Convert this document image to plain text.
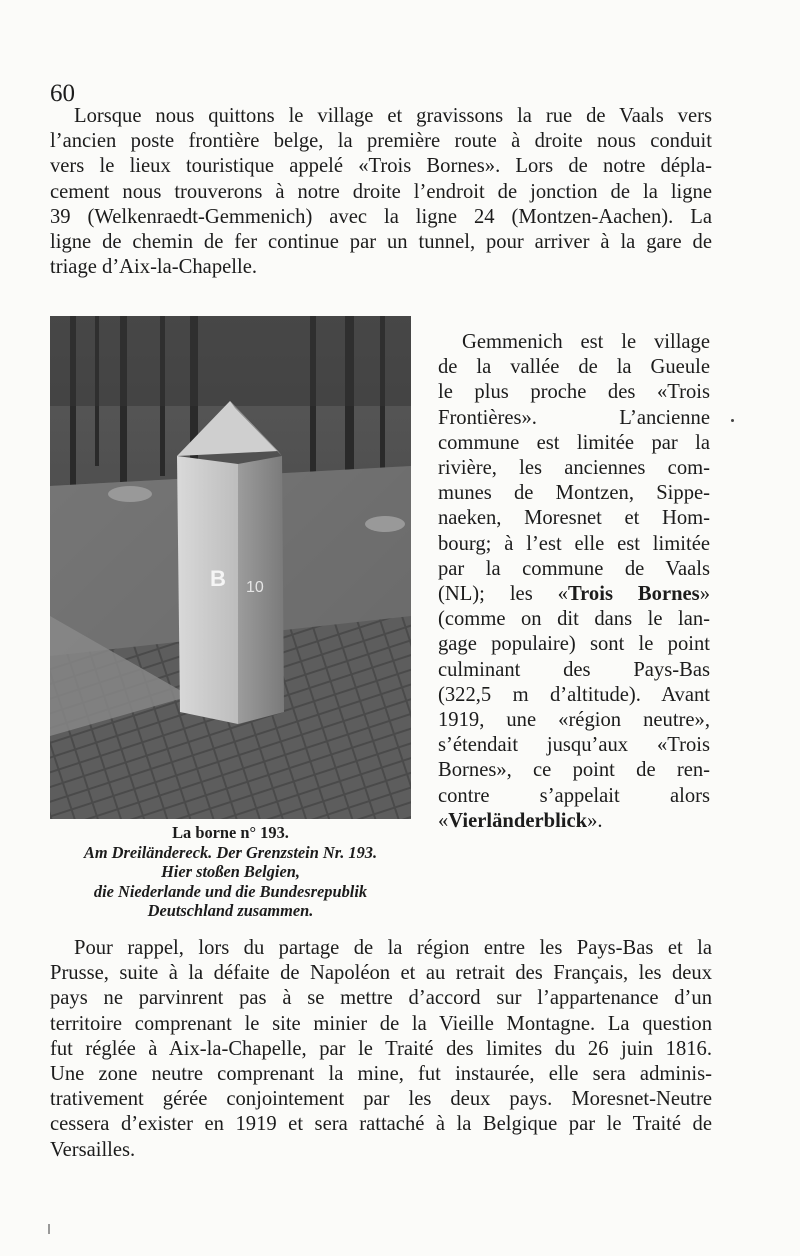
60

Lorsque nous quittons le village et gravissons la rue de Vaals vers
l’ancien poste frontière belge, la première route à droite nous conduit
vers le lieux touristique appelé «Trois Bornes». Lors de notre dépla-
cement nous trouverons à notre droite l’endroit de jonction de la ligne
39 (Welkenraedt-Gemmenich) avec la ligne 24 (Montzen-Aachen). La
ligne de chemin de fer continue par un tunnel, pour arriver à la gare de
triage d’Aix-la-Chapelle.

B 10
La borne n° 193.
Am Dreiländereck. Der Grenzstein Nr. 193.
Hier stoßen Belgien,
die Niederlande und die Bundesrepublik
Deutschland zusammen.

Gemmenich est le village
de la vallée de la Gueule
le plus proche des «Trois
Frontières». L’ancienne
commune est limitée par la
rivière, les anciennes com-
munes de Montzen, Sippe-
naeken, Moresnet et Hom-
bourg; à l’est elle est limitée
par la commune de Vaals
(NL); les «Trois Bornes»
(comme on dit dans le lan-
gage populaire) sont le point
culminant des Pays-Bas
(322,5 m d’altitude). Avant
1919, une «région neutre»,
s’étendait jusqu’aux «Trois
Bornes», ce point de ren-
contre s’appelait alors
«Vierländerblick».

Pour rappel, lors du partage de la région entre les Pays-Bas et la
Prusse, suite à la défaite de Napoléon et au retrait des Français, les deux
pays ne parvinrent pas à se mettre d’accord sur l’appartenance d’un
territoire comprenant le site minier de la Vieille Montagne. La question
fut réglée à Aix-la-Chapelle, par le Traité des limites du 26 juin 1816.
Une zone neutre comprenant la mine, fut instaurée, elle sera adminis-
trativement gérée conjointement par les deux pays. Moresnet-Neutre
cessera d’exister en 1919 et sera rattaché à la Belgique par le Traité de
Versailles.
